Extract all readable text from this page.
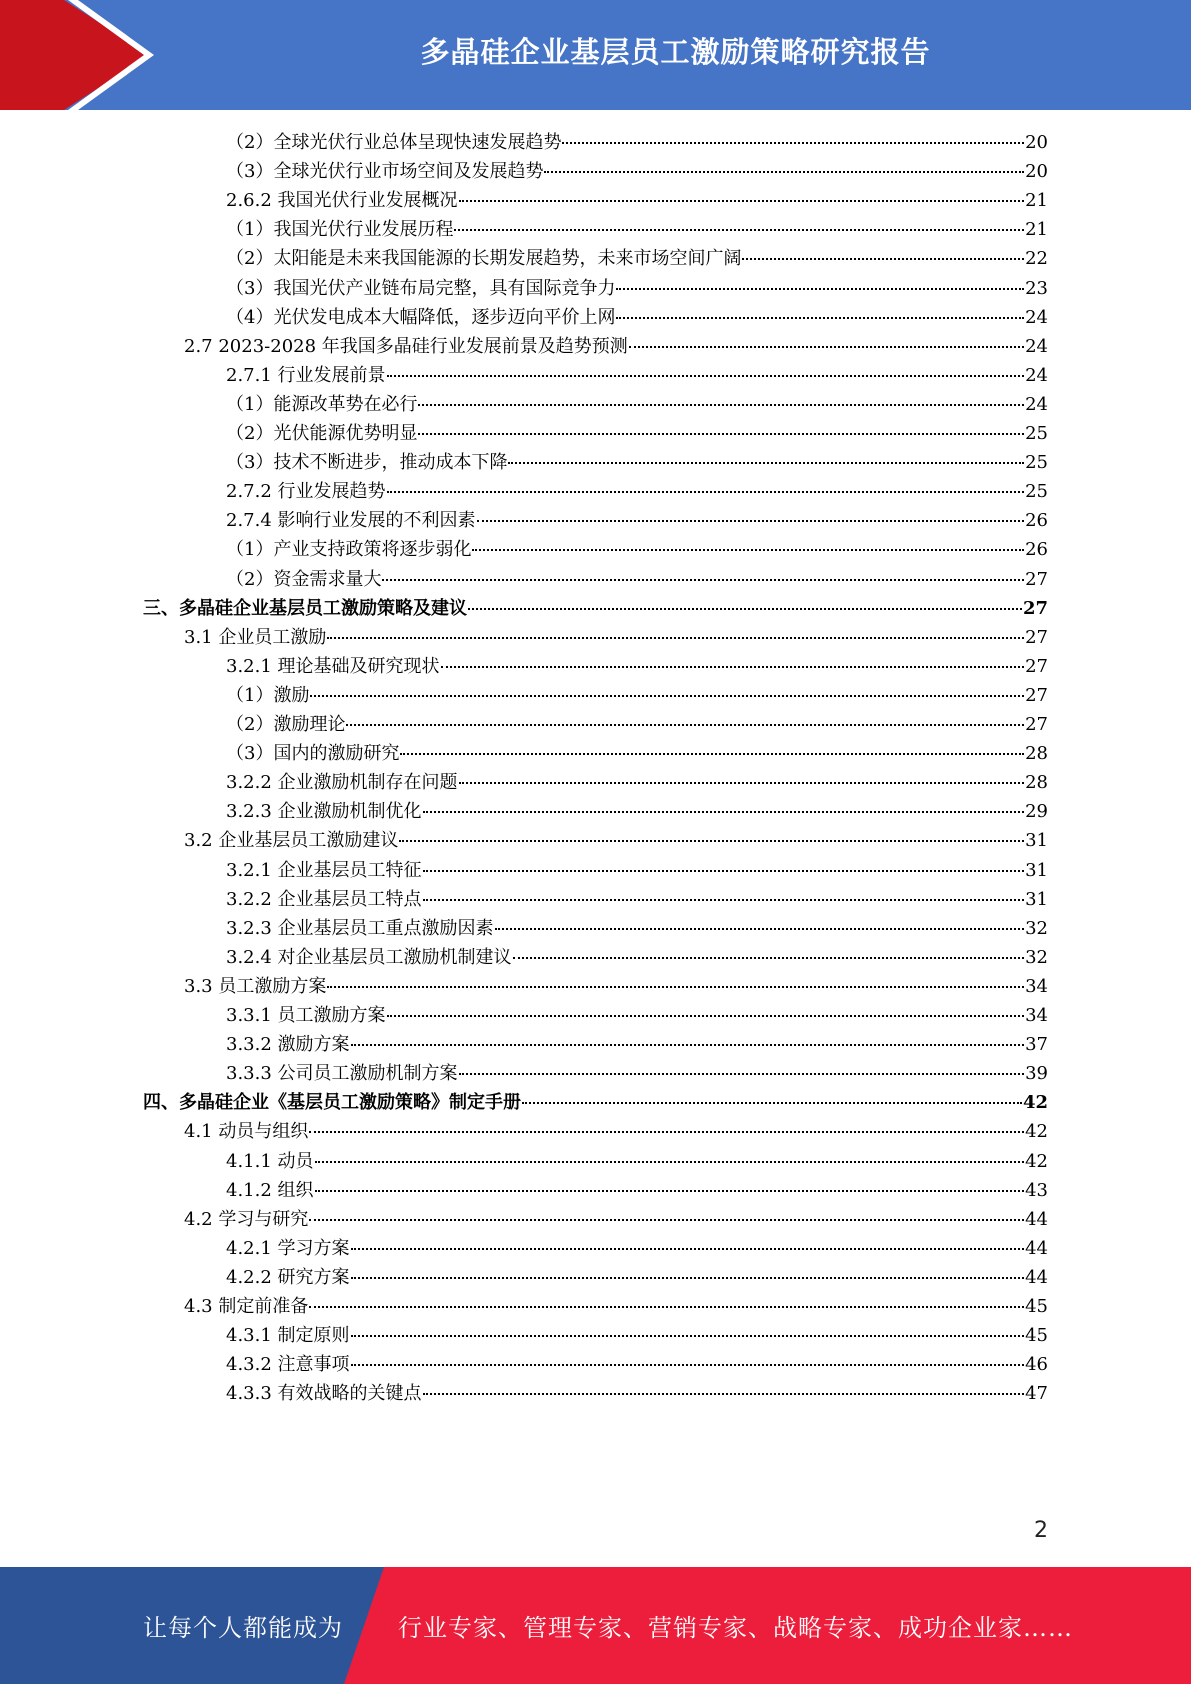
多晶硅企业基层员工激励策略研究报告
（2）全球光伏行业总体呈现快速发展趋势	20
（3）全球光伏行业市场空间及发展趋势	20
2.6.2 我国光伏行业发展概况	21
（1）我国光伏行业发展历程	21
（2）太阳能是未来我国能源的长期发展趋势，未来市场空间广阔	22
（3）我国光伏产业链布局完整，具有国际竞争力	23
（4）光伏发电成本大幅降低，逐步迈向平价上网	24
2.7 2023-2028 年我国多晶硅行业发展前景及趋势预测	24
2.7.1 行业发展前景	24
（1）能源改革势在必行	24
（2）光伏能源优势明显	25
（3）技术不断进步，推动成本下降	25
2.7.2 行业发展趋势	25
2.7.4 影响行业发展的不利因素	26
（1）产业支持政策将逐步弱化	26
（2）资金需求量大	27
三、多晶硅企业基层员工激励策略及建议	27
3.1 企业员工激励	27
3.2.1 理论基础及研究现状	27
（1）激励	27
（2）激励理论	27
（3）国内的激励研究	28
3.2.2 企业激励机制存在问题	28
3.2.3 企业激励机制优化	29
3.2 企业基层员工激励建议	31
3.2.1 企业基层员工特征	31
3.2.2 企业基层员工特点	31
3.2.3 企业基层员工重点激励因素	32
3.2.4 对企业基层员工激励机制建议	32
3.3 员工激励方案	34
3.3.1 员工激励方案	34
3.3.2 激励方案	37
3.3.3 公司员工激励机制方案	39
四、多晶硅企业《基层员工激励策略》制定手册	42
4.1 动员与组织	42
4.1.1 动员	42
4.1.2 组织	43
4.2 学习与研究	44
4.2.1 学习方案	44
4.2.2 研究方案	44
4.3 制定前准备	45
4.3.1 制定原则	45
4.3.2 注意事项	46
4.3.3 有效战略的关键点	47
2
让每个人都能成为 行业专家、管理专家、营销专家、战略专家、成功企业家……
